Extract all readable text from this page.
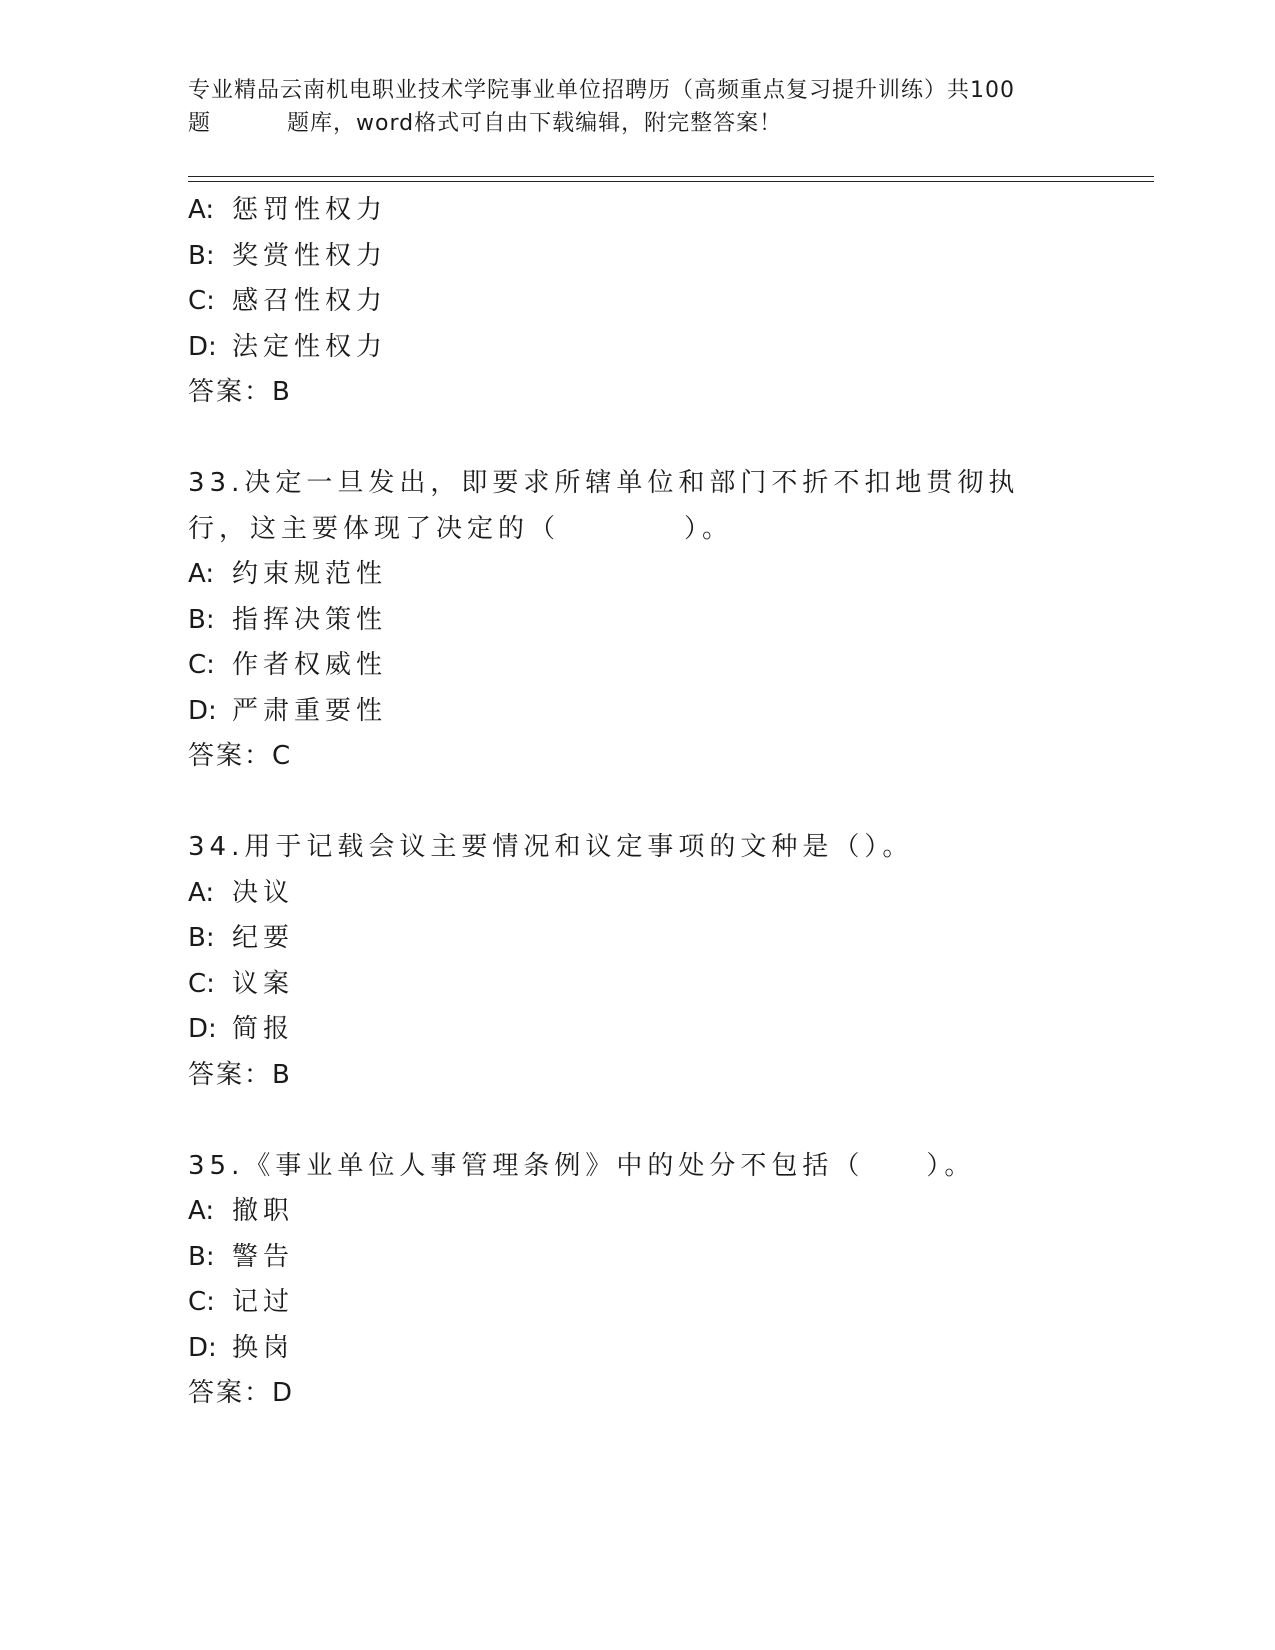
专业精品云南机电职业技术学院事业单位招聘历（高频重点复习提升训练）共100
题	题库，word格式可自由下载编辑，附完整答案！
A: 惩罚性权力
B: 奖赏性权力
C: 感召性权力
D: 法定性权力
答案：B
33.决定一旦发出，即要求所辖单位和部门不折不扣地贯彻执行，这主要体现了决定的（　　　　）。
A: 约束规范性
B: 指挥决策性
C: 作者权威性
D: 严肃重要性
答案：C
34.用于记载会议主要情况和议定事项的文种是（）。
A: 决议
B: 纪要
C: 议案
D: 简报
答案：B
35.《事业单位人事管理条例》中的处分不包括（　　）。
A: 撤职
B: 警告
C: 记过
D: 换岗
答案：D
